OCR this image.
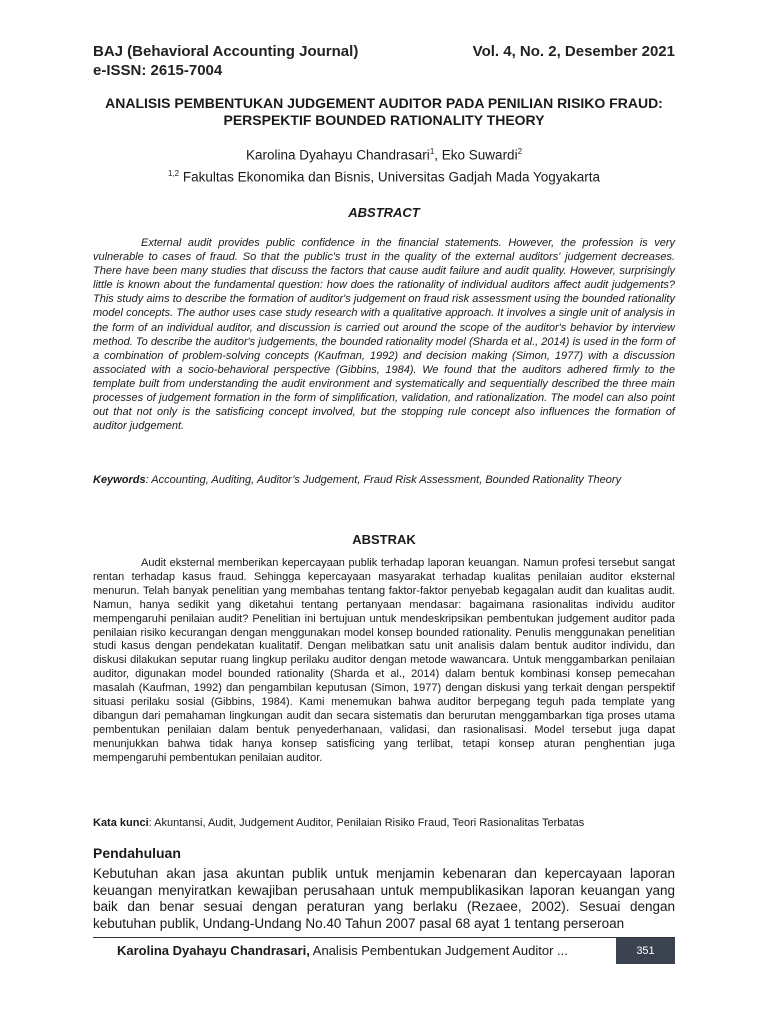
BAJ (Behavioral Accounting Journal)	Vol. 4, No. 2, Desember 2021
e-ISSN: 2615-7004
ANALISIS PEMBENTUKAN JUDGEMENT AUDITOR PADA PENILIAN RISIKO FRAUD: PERSPEKTIF BOUNDED RATIONALITY THEORY
Karolina Dyahayu Chandrasari$^1$, Eko Suwardi$^2$
$^{1,2}$ Fakultas Ekonomika dan Bisnis, Universitas Gadjah Mada Yogyakarta
ABSTRACT

External audit provides public confidence in the financial statements. However, the profession is very vulnerable to cases of fraud. So that the public's trust in the quality of the external auditors' judgement decreases. There have been many studies that discuss the factors that cause audit failure and audit quality. However, surprisingly little is known about the fundamental question: how does the rationality of individual auditors affect audit judgements? This study aims to describe the formation of auditor's judgement on fraud risk assessment using the bounded rationality model concepts. The author uses case study research with a qualitative approach. It involves a single unit of analysis in the form of an individual auditor, and discussion is carried out around the scope of the auditor's behavior by interview method. To describe the auditor's judgements, the bounded rationality model (Sharda et al., 2014) is used in the form of a combination of problem-solving concepts (Kaufman, 1992) and decision making (Simon, 1977) with a discussion associated with a socio-behavioral perspective (Gibbins, 1984). We found that the auditors adhered firmly to the template built from understanding the audit environment and systematically and sequentially described the three main processes of judgement formation in the form of simplification, validation, and rationalization. The model can also point out that not only is the satisficing concept involved, but the stopping rule concept also influences the formation of auditor judgement.

Keywords: Accounting, Auditing, Auditor’s Judgement, Fraud Risk Assessment, Bounded Rationality Theory

ABSTRAK

Audit eksternal memberikan kepercayaan publik terhadap laporan keuangan. Namun profesi tersebut sangat rentan terhadap kasus fraud. Sehingga kepercayaan masyarakat terhadap kualitas penilaian auditor eksternal menurun. Telah banyak penelitian yang membahas tentang faktor-faktor penyebab kegagalan audit dan kualitas audit. Namun, hanya sedikit yang diketahui tentang pertanyaan mendasar: bagaimana rasionalitas individu auditor mempengaruhi penilaian audit? Penelitian ini bertujuan untuk mendeskripsikan pembentukan judgement auditor pada penilaian risiko kecurangan dengan menggunakan model konsep bounded rationality. Penulis menggunakan penelitian studi kasus dengan pendekatan kualitatif. Dengan melibatkan satu unit analisis dalam bentuk auditor individu, dan diskusi dilakukan seputar ruang lingkup perilaku auditor dengan metode wawancara. Untuk menggambarkan penilaian auditor, digunakan model bounded rationality (Sharda et al., 2014) dalam bentuk kombinasi konsep pemecahan masalah (Kaufman, 1992) dan pengambilan keputusan (Simon, 1977) dengan diskusi yang terkait dengan perspektif situasi perilaku sosial (Gibbins, 1984). Kami menemukan bahwa auditor berpegang teguh pada template yang dibangun dari pemahaman lingkungan audit dan secara sistematis dan berurutan menggambarkan tiga proses utama pembentukan penilaian dalam bentuk penyederhanaan, validasi, dan rasionalisasi. Model tersebut juga dapat menunjukkan bahwa tidak hanya konsep satisficing yang terlibat, tetapi konsep aturan penghentian juga mempengaruhi pembentukan penilaian auditor.

Kata kunci: Akuntansi, Audit, Judgement Auditor, Penilaian Risiko Fraud, Teori Rasionalitas Terbatas

Pendahuluan

Kebutuhan akan jasa akuntan publik untuk menjamin kebenaran dan kepercayaan laporan keuangan menyiratkan kewajiban perusahaan untuk mempublikasikan laporan keuangan yang baik dan benar sesuai dengan peraturan yang berlaku (Rezaee, 2002). Sesuai dengan kebutuhan publik, Undang-Undang No.40 Tahun 2007 pasal 68 ayat 1 tentang perseroan

Karolina Dyahayu Chandrasari, Analisis Pembentukan Judgement Auditor ...	351
